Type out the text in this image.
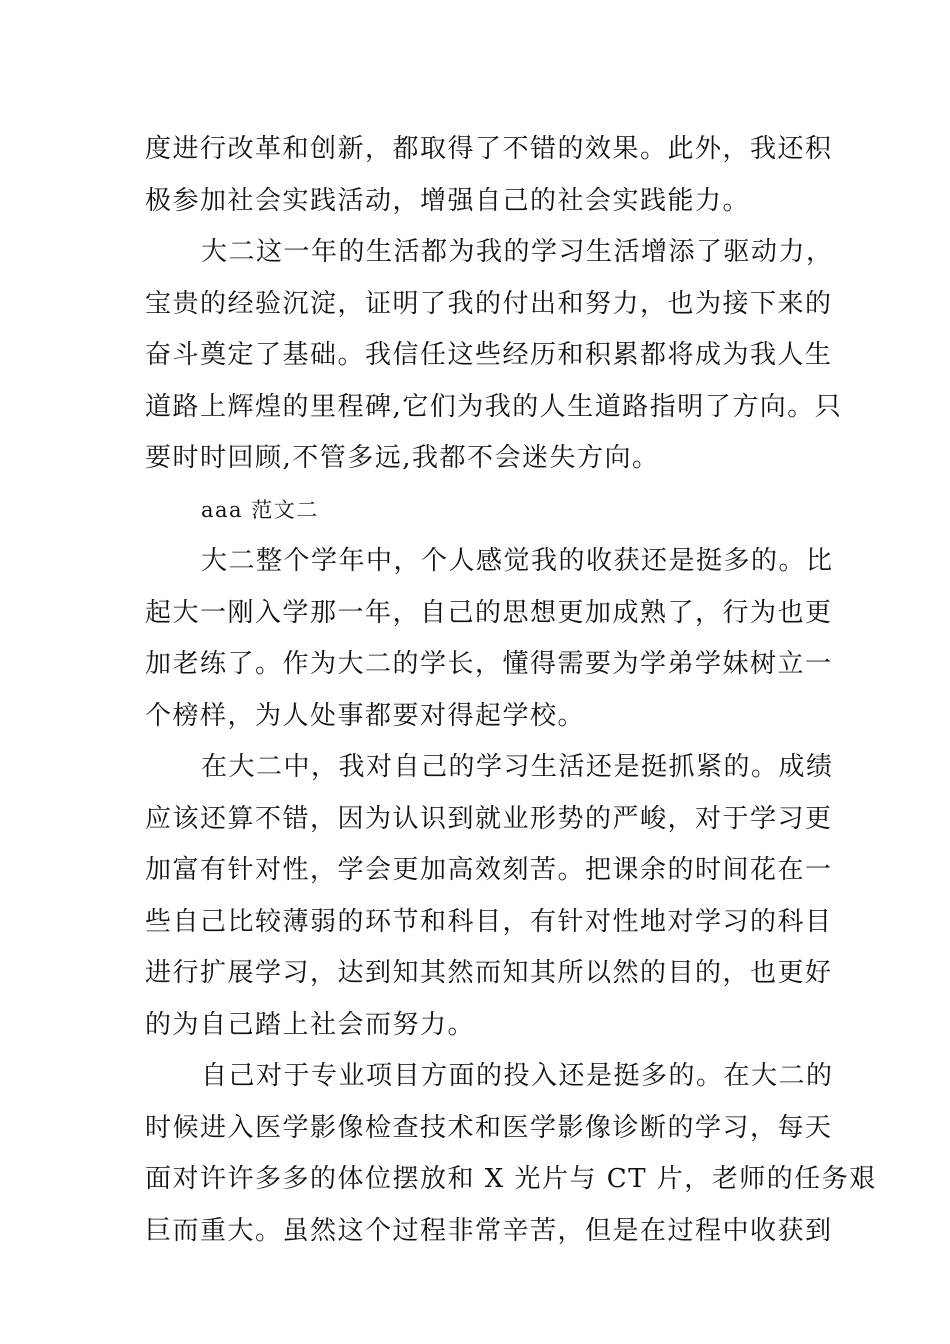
度进行改革和创新，都取得了不错的效果。此外，我还积
极参加社会实践活动，增强自己的社会实践能力。
大二这一年的生活都为我的学习生活增添了驱动力，
宝贵的经验沉淀，证明了我的付出和努力，也为接下来的
奋斗奠定了基础。我信任这些经历和积累都将成为我人生
道路上辉煌的里程碑,它们为我的人生道路指明了方向。只
要时时回顾,不管多远,我都不会迷失方向。
aaa 范文二
大二整个学年中，个人感觉我的收获还是挺多的。比
起大一刚入学那一年，自己的思想更加成熟了，行为也更
加老练了。作为大二的学长，懂得需要为学弟学妹树立一
个榜样，为人处事都要对得起学校。
在大二中，我对自己的学习生活还是挺抓紧的。成绩
应该还算不错，因为认识到就业形势的严峻，对于学习更
加富有针对性，学会更加高效刻苦。把课余的时间花在一
些自己比较薄弱的环节和科目，有针对性地对学习的科目
进行扩展学习，达到知其然而知其所以然的目的，也更好
的为自己踏上社会而努力。
自己对于专业项目方面的投入还是挺多的。在大二的
时候进入医学影像检查技术和医学影像诊断的学习，每天
面对许许多多的体位摆放和 X 光片与 CT 片，老师的任务艰
巨而重大。虽然这个过程非常辛苦，但是在过程中收获到
